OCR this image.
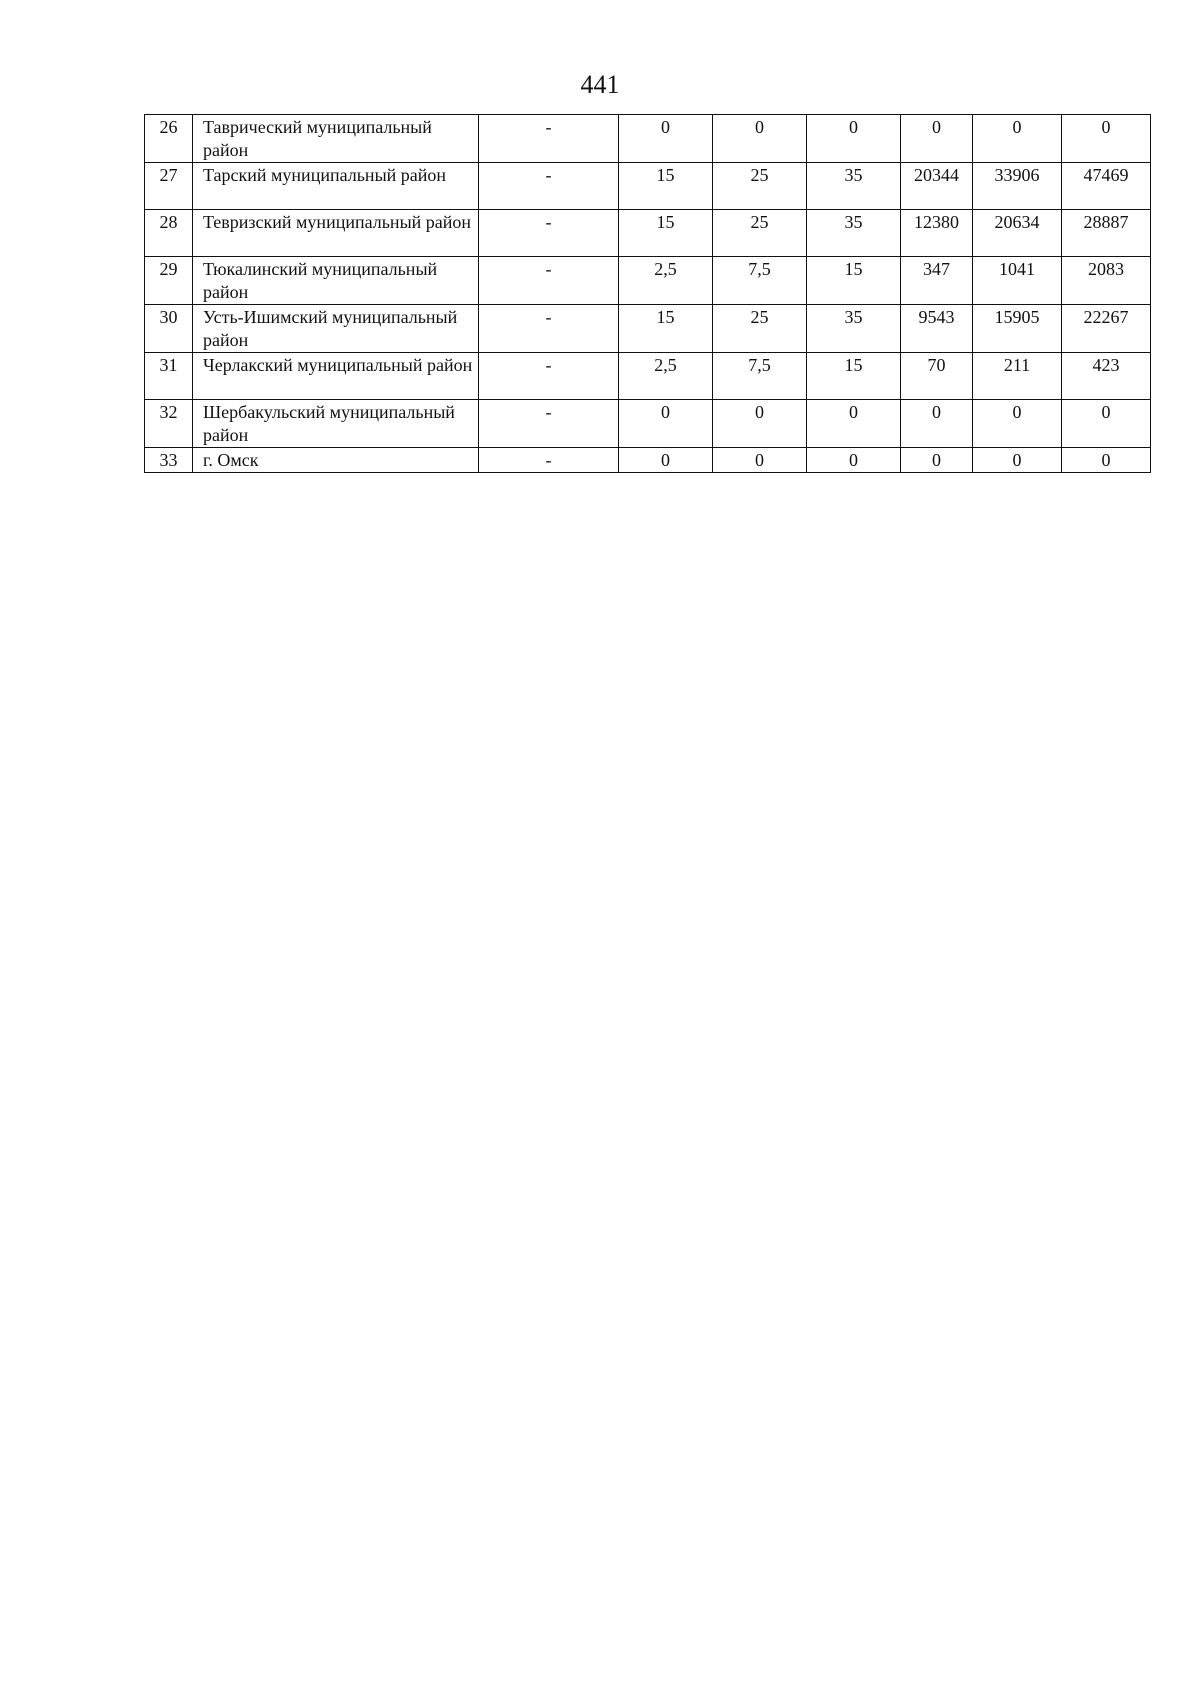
441
26	Таврический муниципальный район	-	0	0	0	0	0	0
27	Тарский муниципальный район	-	15	25	35	20344	33906	47469
28	Тевризский муниципальный район	-	15	25	35	12380	20634	28887
29	Тюкалинский муниципальный район	-	2,5	7,5	15	347	1041	2083
30	Усть-Ишимский муниципальный район	-	15	25	35	9543	15905	22267
31	Черлакский муниципальный район	-	2,5	7,5	15	70	211	423
32	Шербакульский муниципальный район	-	0	0	0	0	0	0
33	г. Омск	-	0	0	0	0	0	0
